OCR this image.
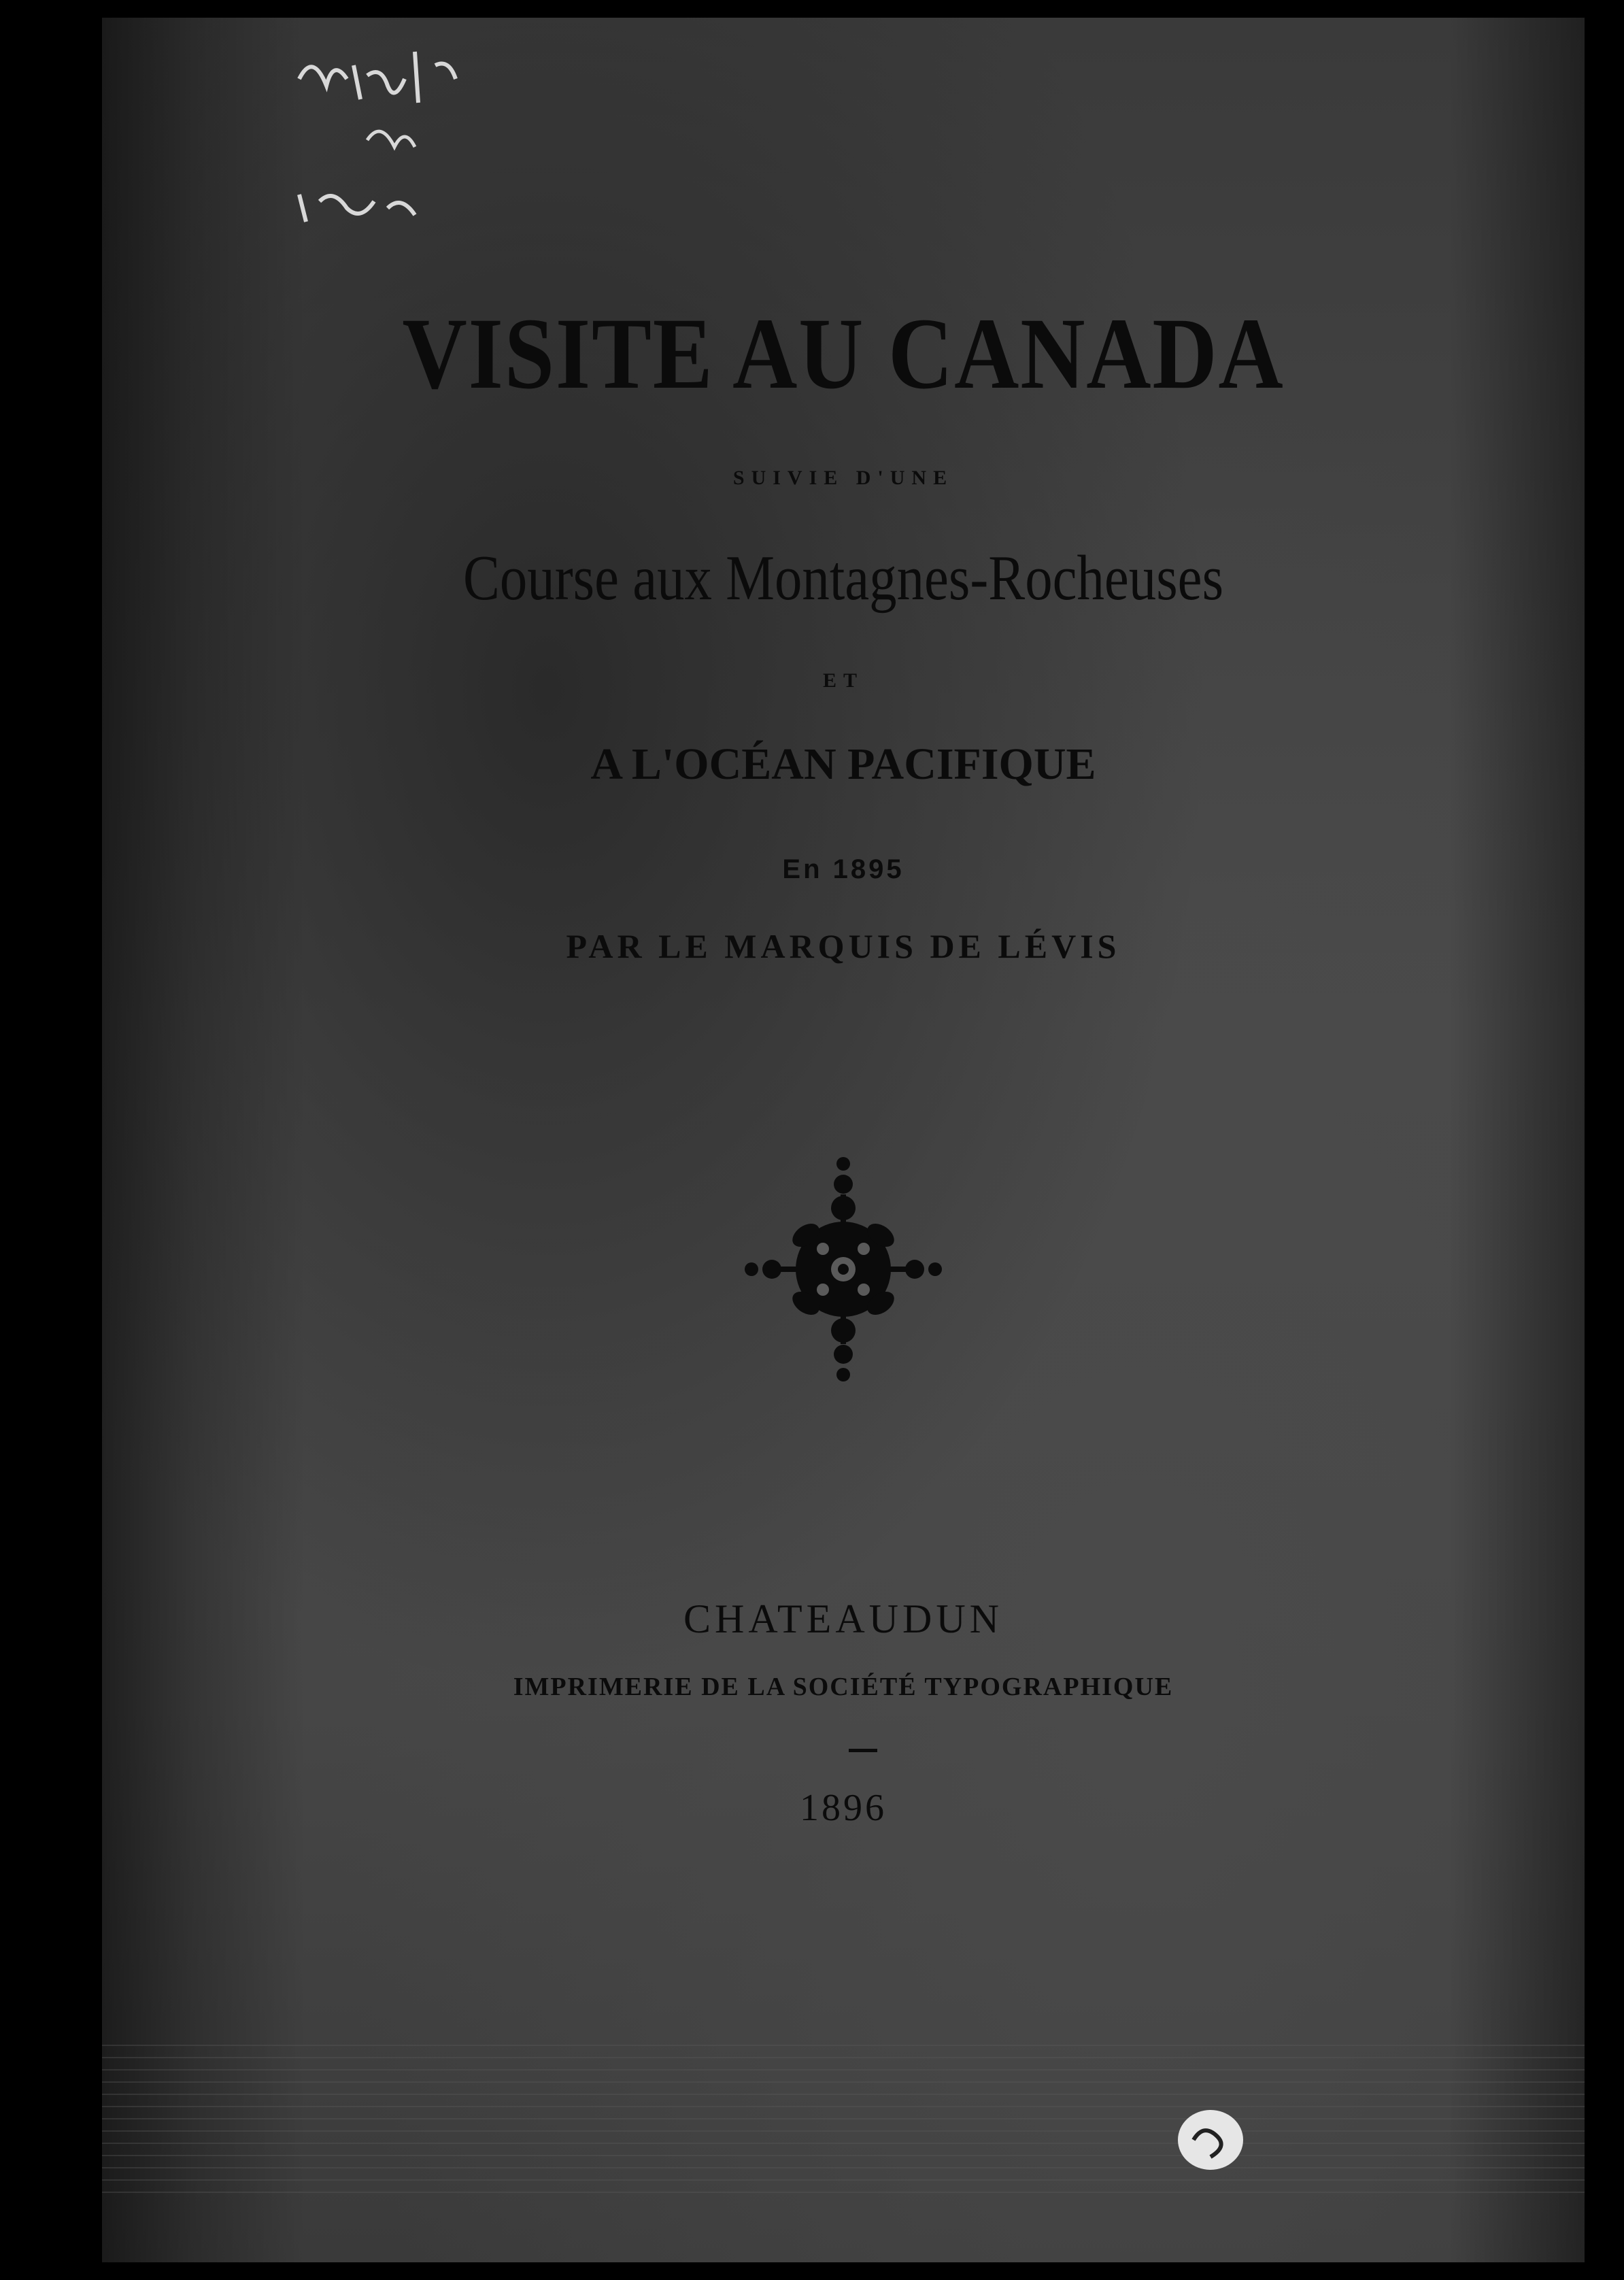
VISITE AU CANADA
SUIVIE D'UNE
Course aux Montagnes-Rocheuses
ET
A L'OCÉAN PACIFIQUE
En 1895
PAR LE MARQUIS DE LÉVIS
CHATEAUDUN
IMPRIMERIE DE LA SOCIÉTÉ TYPOGRAPHIQUE
1896
